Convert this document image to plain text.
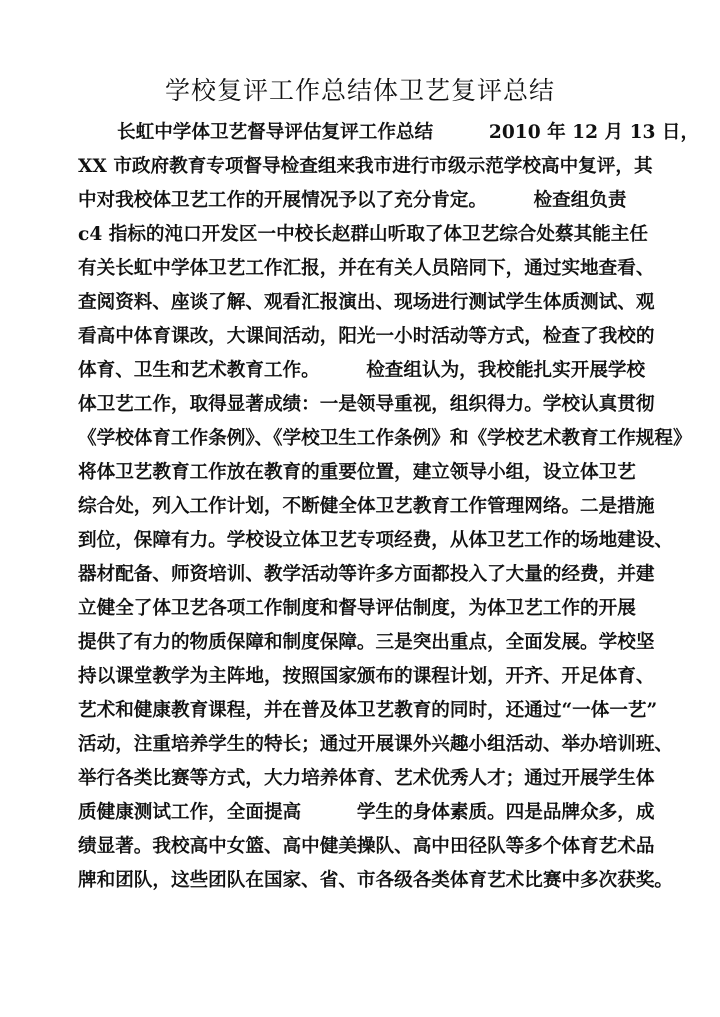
学校复评工作总结体卫艺复评总结
长虹中学体卫艺督导评估复评工作总结　　　2010 年 12 月 13 日，
XX 市政府教育专项督导检查组来我市进行市级示范学校高中复评，其
中对我校体卫艺工作的开展情况予以了充分肯定。　　　检查组负责
c4 指标的沌口开发区一中校长赵群山听取了体卫艺综合处蔡其能主任
有关长虹中学体卫艺工作汇报，并在有关人员陪同下，通过实地查看、
查阅资料、座谈了解、观看汇报演出、现场进行测试学生体质测试、观
看高中体育课改，大课间活动，阳光一小时活动等方式，检查了我校的
体育、卫生和艺术教育工作。　　　检查组认为，我校能扎实开展学校
体卫艺工作，取得显著成绩：一是领导重视，组织得力。学校认真贯彻
《学校体育工作条例》、《学校卫生工作条例》和《学校艺术教育工作规程》
将体卫艺教育工作放在教育的重要位置，建立领导小组，设立体卫艺
综合处，列入工作计划，不断健全体卫艺教育工作管理网络。二是措施
到位，保障有力。学校设立体卫艺专项经费，从体卫艺工作的场地建设、
器材配备、师资培训、教学活动等许多方面都投入了大量的经费，并建
立健全了体卫艺各项工作制度和督导评估制度，为体卫艺工作的开展
提供了有力的物质保障和制度保障。三是突出重点，全面发展。学校坚
持以课堂教学为主阵地，按照国家颁布的课程计划，开齐、开足体育、
艺术和健康教育课程，并在普及体卫艺教育的同时，还通过“一体一艺”
活动，注重培养学生的特长；通过开展课外兴趣小组活动、举办培训班、
举行各类比赛等方式，大力培养体育、艺术优秀人才；通过开展学生体
质健康测试工作，全面提高　　　学生的身体素质。四是品牌众多，成
绩显著。我校高中女篮、高中健美操队、高中田径队等多个体育艺术品
牌和团队，这些团队在国家、省、市各级各类体育艺术比赛中多次获奖。
